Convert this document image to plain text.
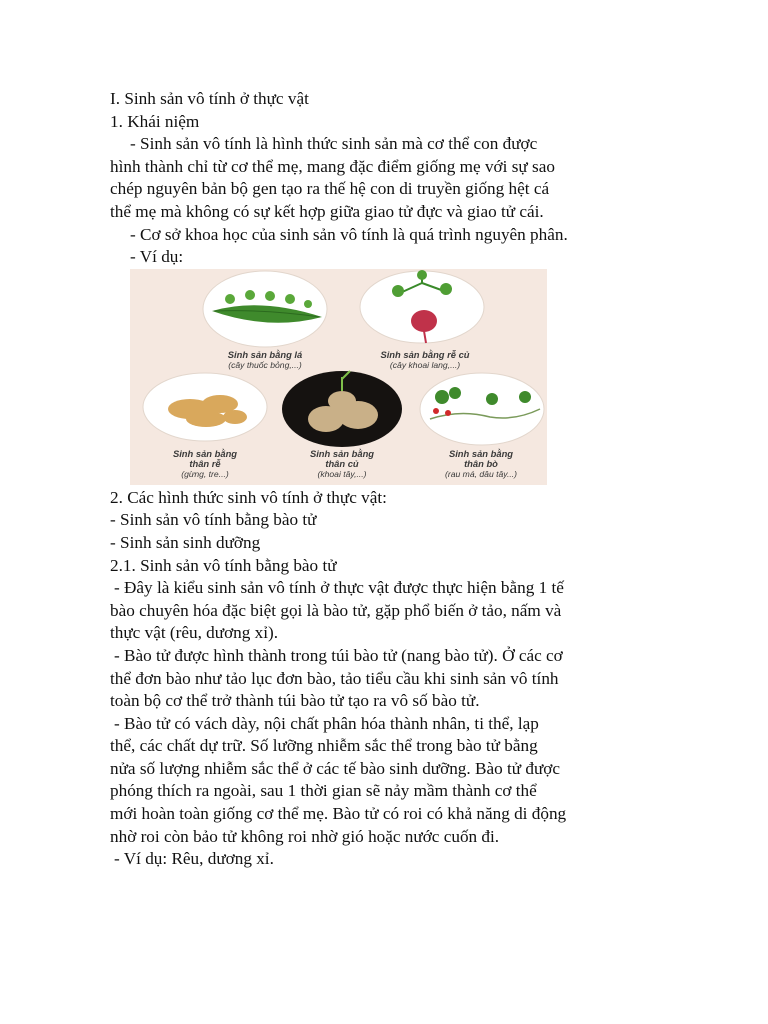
I. Sinh sản vô tính ở thực vật

1. Khái niệm

- Sinh sản vô tính là hình thức sinh sản mà cơ thể con được

hình thành chỉ từ cơ thể mẹ, mang đặc điểm giống mẹ với sự sao

chép nguyên bản bộ gen tạo ra thế hệ con di truyền giống hệt cá

thể mẹ mà không có sự kết hợp giữa giao tử đực và giao tử cái.

- Cơ sở khoa học của sinh sản vô tính là quá trình nguyên phân.

- Ví dụ:

Sinh sản bằng lá
(cây thuốc bỏng,...)
Sinh sản bằng rễ củ
(cây khoai lang,...)
Sinh sản bằng
thân rễ
(gừng, tre...)
Sinh sản bằng
thân củ
(khoai tây,...)
Sinh sản bằng
thân bò
(rau má, dâu tây...)

2. Các hình thức sinh vô tính ở thực vật:

- Sinh sản vô tính bằng bào tử

- Sinh sản sinh dưỡng

2.1. Sinh sản vô tính bằng bào tử

- Đây là kiểu sinh sản vô tính ở thực vật được thực hiện bằng 1 tế

bào chuyên hóa đặc biệt gọi là bào tử, gặp phổ biến ở tảo, nấm và

thực vật (rêu, dương xỉ).

- Bào tử được hình thành trong túi bào tử (nang bào tử). Ở các cơ

thể đơn bào như tảo lục đơn bào, tảo tiểu cầu khi sinh sản vô tính

toàn bộ cơ thể trở thành túi bào tử tạo ra vô số bào tử.

- Bào tử có vách dày, nội chất phân hóa thành nhân, ti thể, lạp

thể, các chất dự trữ. Số lưỡng nhiễm sắc thể trong bào tử bằng

nửa số lượng nhiễm sắc thể ở các tế bào sinh dưỡng. Bào tử được

phóng thích ra ngoài, sau 1 thời gian sẽ nảy mầm thành cơ thể

mới hoàn toàn giống cơ thể mẹ. Bào tử có roi có khả năng di động

nhờ roi còn bảo tử không roi nhờ gió hoặc nước cuốn đi.

- Ví dụ: Rêu, dương xỉ.
